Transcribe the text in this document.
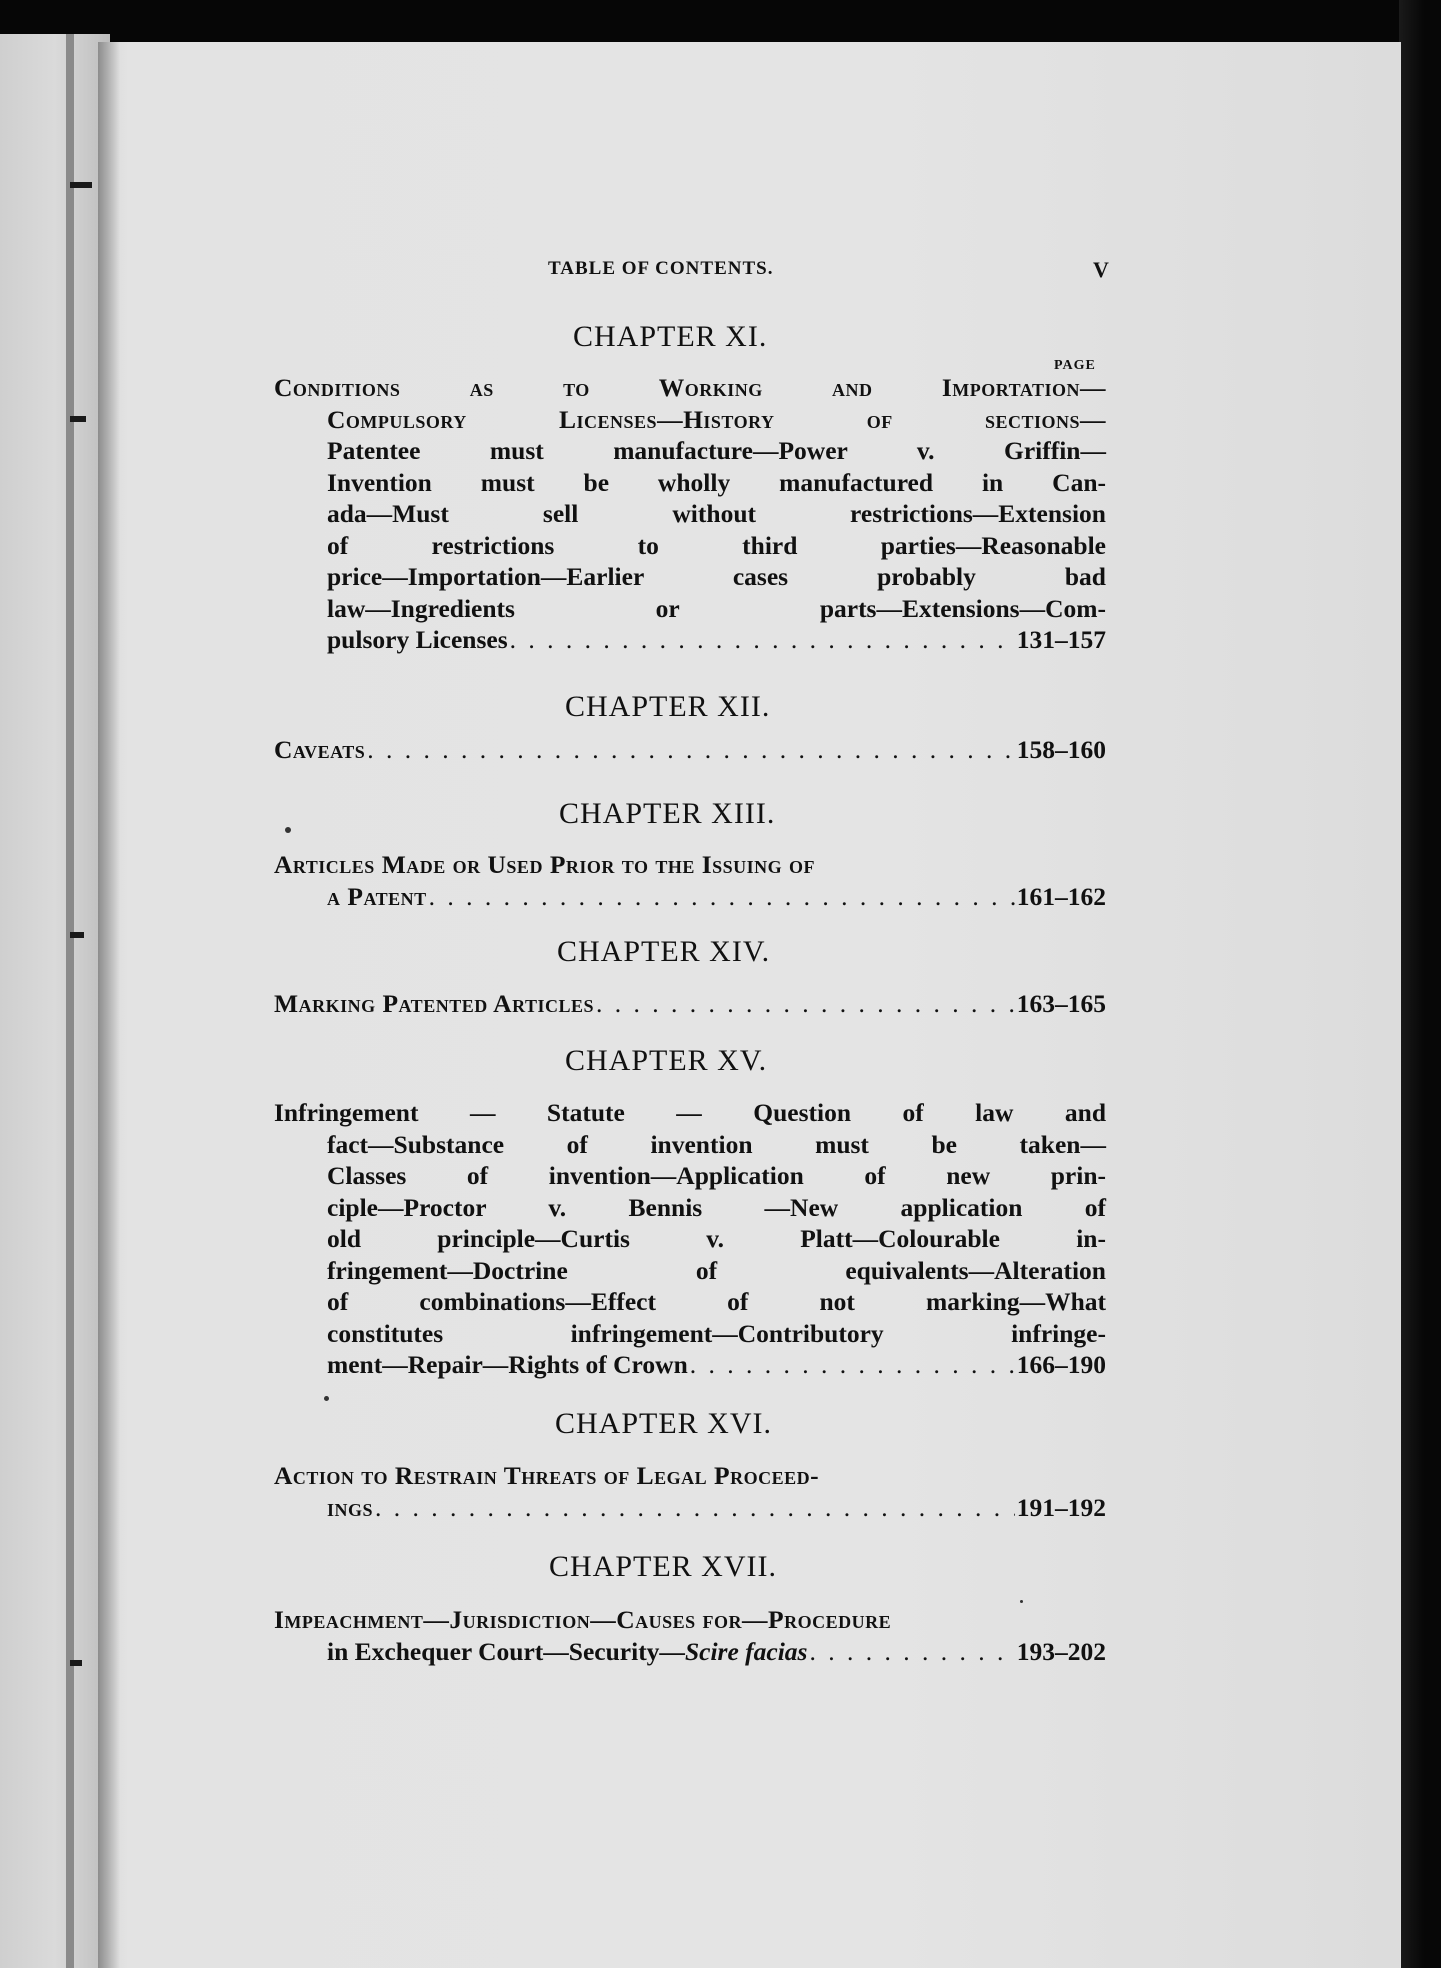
TABLE OF CONTENTS.	V
PAGE
CHAPTER XI.
Conditions as to Working and Importation—
Compulsory Licenses—History of sections—
Patentee must manufacture—Power v. Griffin—
Invention must be wholly manufactured in Can-
ada—Must sell without restrictions—Extension
of restrictions to third parties—Reasonable
price—Importation—Earlier cases probably bad
law—Ingredients or parts—Extensions—Com-
pulsory Licenses . . .	131–157
CHAPTER XII.
Caveats . . .	158–160
CHAPTER XIII.
Articles Made or Used Prior to the Issuing of
a Patent . . .	161–162
CHAPTER XIV.
Marking Patented Articles . . .	163–165
CHAPTER XV.
Infringement — Statute — Question of law and
fact—Substance of invention must be taken—
Classes of invention—Application of new prin-
ciple—Proctor v. Bennis —New application of
old principle—Curtis v. Platt—Colourable in-
fringement—Doctrine of equivalents—Alteration
of combinations—Effect of not marking—What
constitutes infringement—Contributory infringe-
ment—Repair—Rights of Crown . . .	166–190
CHAPTER XVI.
Action to Restrain Threats of Legal Proceed-
ings . . .	191–192
CHAPTER XVII.
Impeachment—Jurisdiction—Causes for—Procedure
in Exchequer Court—Security—Scire facias . . .	193–202
